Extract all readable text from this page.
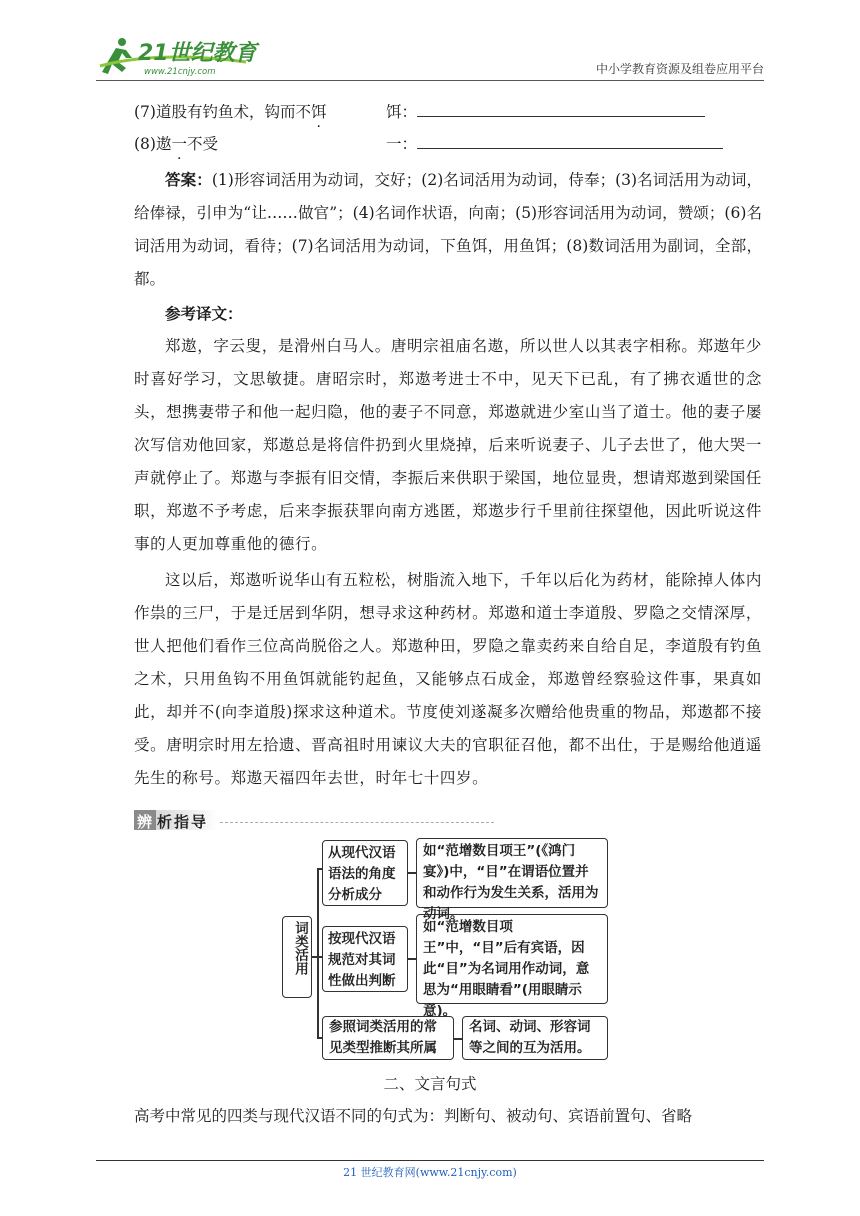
21世纪教育
www.21cnjy.com	中小学教育资源及组卷应用平台
(7)道股有钓鱼术，钩而不饵	饵：
(8)遨一不受	一：
答案：(1)形容词活用为动词，交好；(2)名词活用为动词，侍奉；(3)名词活用为动词，给俸禄，引申为“让……做官”；(4)名词作状语，向南；(5)形容词活用为动词，赞颂；(6)名词活用为动词，看待；(7)名词活用为动词，下鱼饵，用鱼饵；(8)数词活用为副词，全部，都。
参考译文：
郑遨，字云叟，是滑州白马人。唐明宗祖庙名遨，所以世人以其表字相称。郑遨年少时喜好学习，文思敏捷。唐昭宗时，郑遨考进士不中，见天下已乱，有了拂衣遁世的念头，想携妻带子和他一起归隐，他的妻子不同意，郑遨就进少室山当了道士。他的妻子屡次写信劝他回家，郑遨总是将信件扔到火里烧掉，后来听说妻子、儿子去世了，他大哭一声就停止了。郑遨与李振有旧交情，李振后来供职于梁国，地位显贵，想请郑遨到梁国任职，郑遨不予考虑，后来李振获罪向南方逃匿，郑遨步行千里前往探望他，因此听说这件事的人更加尊重他的德行。
这以后，郑遨听说华山有五粒松，树脂流入地下，千年以后化为药材，能除掉人体内作祟的三尸，于是迁居到华阴，想寻求这种药材。郑遨和道士李道殷、罗隐之交情深厚，世人把他们看作三位高尚脱俗之人。郑遨种田，罗隐之靠卖药来自给自足，李道殷有钓鱼之术，只用鱼钩不用鱼饵就能钓起鱼，又能够点石成金，郑遨曾经察验这件事，果真如此，却并不(向李道殷)探求这种道术。节度使刘遂凝多次赠给他贵重的物品，郑遨都不接受。唐明宗时用左拾遗、晋高祖时用谏议大夫的官职征召他，都不出仕，于是赐给他逍遥先生的称号。郑遨天福四年去世，时年七十四岁。
辨 析指导
词类活用
从现代汉语语法的角度分析成分
如“范增数目项王”(《鸿门宴》)中，“目”在谓语位置并和动作行为发生关系，活用为动词。
按现代汉语规范对其词性做出判断
如“范增数目项王”中，“目”后有宾语，因此“目”为名词用作动词，意思为“用眼睛看”(用眼睛示意)。
参照词类活用的常见类型推断其所属
名词、动词、形容词等之间的互为活用。
二、文言句式
高考中常见的四类与现代汉语不同的句式为：判断句、被动句、宾语前置句、省略
21 世纪教育网(www.21cnjy.com)
